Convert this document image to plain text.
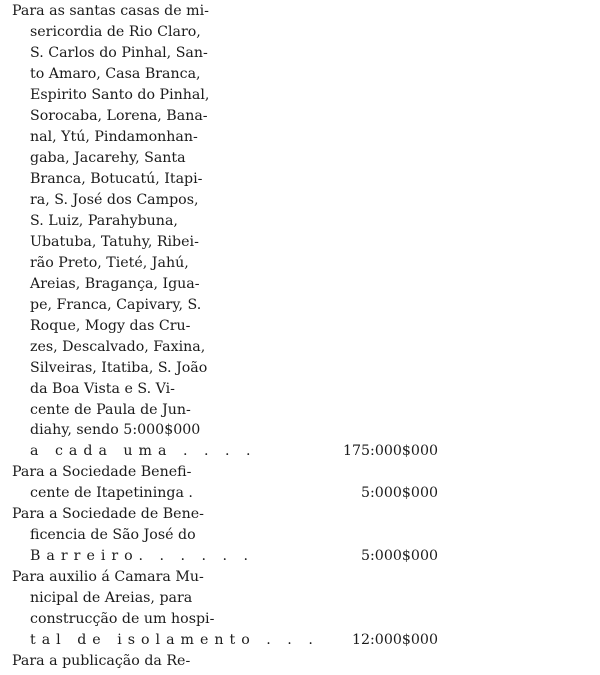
Para as santas casas de mi-
sericordia de Rio Claro,
S. Carlos do Pinhal, San-
to Amaro, Casa Branca,
Espirito Santo do Pinhal,
Sorocaba, Lorena, Bana-
nal, Ytú, Pindamonhan-
gaba, Jacarehy, Santa
Branca, Botucatú, Itapi-
ra, S. José dos Campos,
S. Luiz, Parahybuna,
Ubatuba, Tatuhy, Ribei-
rão Preto, Tieté, Jahú,
Areias, Bragança, Igua-
pe, Franca, Capivary, S.
Roque, Mogy das Cru-
zes, Descalvado, Faxina,
Silveiras, Itatiba, S. João
da Boa Vista e S. Vi-
cente de Paula de Jun-
diahy, sendo 5:000$000
a cada uma . . . .	175:000$000
Para a Sociedade Benefi-
cente de Itapetininga .	5:000$000
Para a Sociedade de Bene-
ficencia de São José do
Barreiro. . . . . .	5:000$000
Para auxilio á Camara Mu-
nicipal de Areias, para
construcção de um hospi-
tal de isolamento . . .	12:000$000
Para a publicação da Re-
